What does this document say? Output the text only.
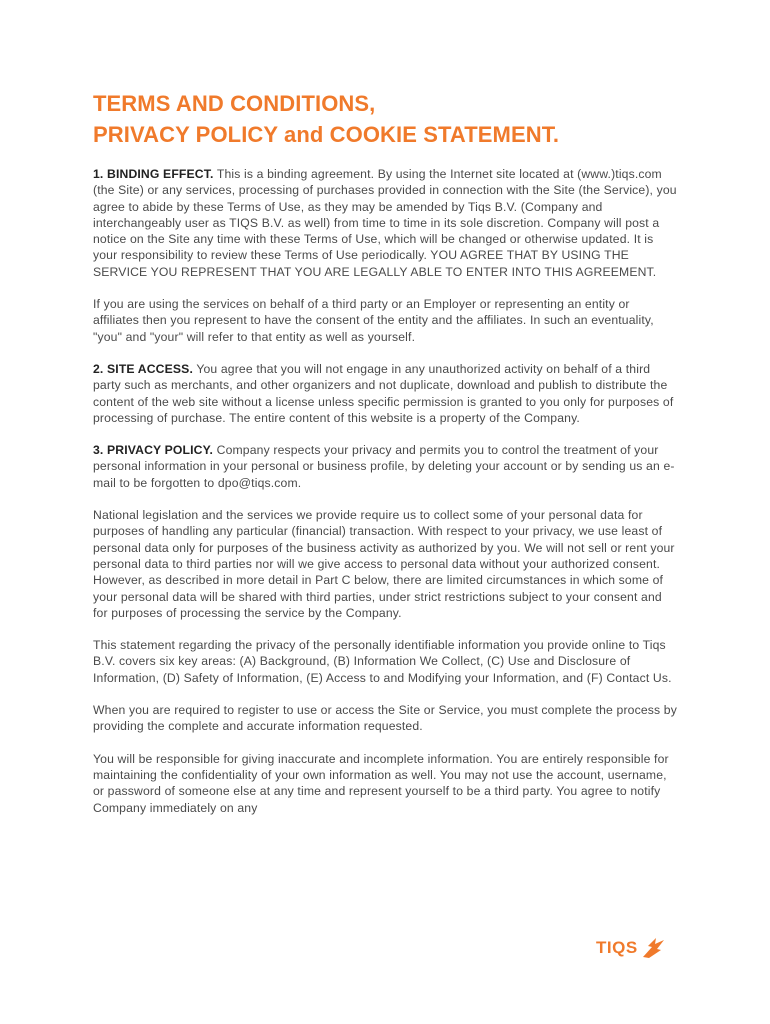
TERMS AND CONDITIONS,
PRIVACY POLICY and COOKIE STATEMENT.

1. BINDING EFFECT. This is a binding agreement. By using the Internet site located at (www.)tiqs.com (the Site) or any services, processing of purchases provided in connection with the Site (the Service), you agree to abide by these Terms of Use, as they may be amended by Tiqs B.V. (Company and interchangeably user as TIQS B.V. as well) from time to time in its sole discretion. Company will post a notice on the Site any time with these Terms of Use, which will be changed or otherwise updated. It is your responsibility to review these Terms of Use periodically. YOU AGREE THAT BY USING THE SERVICE YOU REPRESENT THAT YOU ARE LEGALLY ABLE TO ENTER INTO THIS AGREEMENT.

If you are using the services on behalf of a third party or an Employer or representing an entity or affiliates then you represent to have the consent of the entity and the affiliates. In such an eventuality, "you" and "your" will refer to that entity as well as yourself.

2. SITE ACCESS. You agree that you will not engage in any unauthorized activity on behalf of a third party such as merchants, and other organizers and not duplicate, download and publish to distribute the content of the web site without a license unless specific permission is granted to you only for purposes of processing of purchase. The entire content of this website is a property of the Company.

3. PRIVACY POLICY. Company respects your privacy and permits you to control the treatment of your personal information in your personal or business profile, by deleting your account or by sending us an e-mail to be forgotten to dpo@tiqs.com.

National legislation and the services we provide require us to collect some of your personal data for purposes of handling any particular (financial) transaction. With respect to your privacy, we use least of personal data only for purposes of the business activity as authorized by you. We will not sell or rent your personal data to third parties nor will we give access to personal data without your authorized consent. However, as described in more detail in Part C below, there are limited circumstances in which some of your personal data will be shared with third parties, under strict restrictions subject to your consent and for purposes of processing the service by the Company.

This statement regarding the privacy of the personally identifiable information you provide online to Tiqs B.V. covers six key areas: (A) Background, (B) Information We Collect, (C) Use and Disclosure of Information, (D) Safety of Information, (E) Access to and Modifying your Information, and (F) Contact Us.

When you are required to register to use or access the Site or Service, you must complete the process by providing the complete and accurate information requested.

You will be responsible for giving inaccurate and incomplete information. You are entirely responsible for maintaining the confidentiality of your own information as well. You may not use the account, username, or password of someone else at any time and represent yourself to be a third party. You agree to notify Company immediately on any

TIQS
